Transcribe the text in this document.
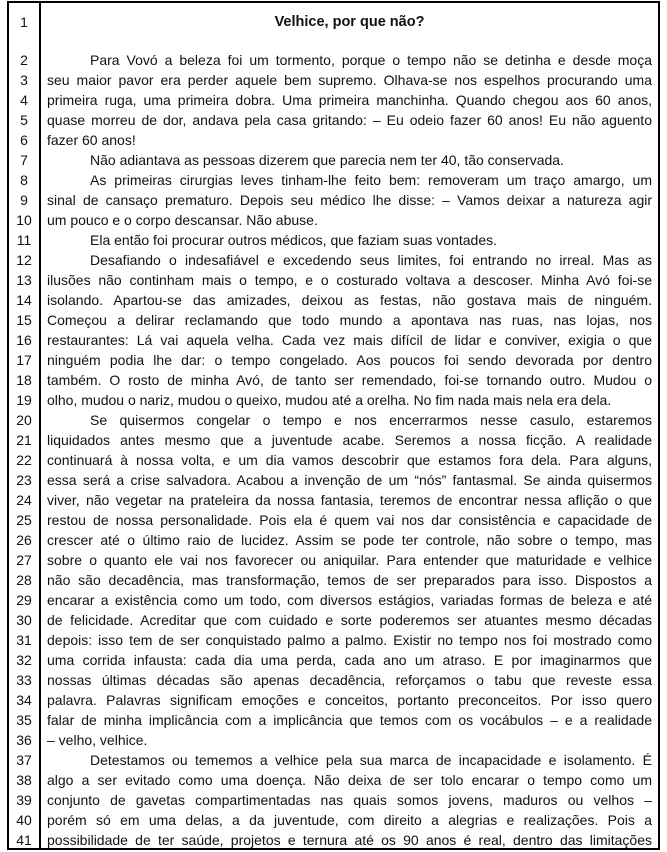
1
2
3
4
5
6
7
8
9
10
11
12
13
14
15
16
17
18
19
20
21
22
23
24
25
26
27
28
29
30
31
32
33
34
35
36
37
38
39
40
41
Velhice, por que não?
Para Vovó a beleza foi um tormento, porque o tempo não se detinha e desde moça
seu maior pavor era perder aquele bem supremo. Olhava-se nos espelhos procurando uma
primeira ruga, uma primeira dobra. Uma primeira manchinha. Quando chegou aos 60 anos,
quase morreu de dor, andava pela casa gritando: – Eu odeio fazer 60 anos! Eu não aguento
fazer 60 anos!
Não adiantava as pessoas dizerem que parecia nem ter 40, tão conservada.
As primeiras cirurgias leves tinham-lhe feito bem: removeram um traço amargo, um
sinal de cansaço prematuro. Depois seu médico lhe disse: – Vamos deixar a natureza agir
um pouco e o corpo descansar. Não abuse.
Ela então foi procurar outros médicos, que faziam suas vontades.
Desafiando o indesafiável e excedendo seus limites, foi entrando no irreal. Mas as
ilusões não continham mais o tempo, e o costurado voltava a descoser. Minha Avó foi-se
isolando. Apartou-se das amizades, deixou as festas, não gostava mais de ninguém.
Começou a delirar reclamando que todo mundo a apontava nas ruas, nas lojas, nos
restaurantes: Lá vai aquela velha. Cada vez mais difícil de lidar e conviver, exigia o que
ninguém podia lhe dar: o tempo congelado. Aos poucos foi sendo devorada por dentro
também. O rosto de minha Avó, de tanto ser remendado, foi-se tornando outro. Mudou o
olho, mudou o nariz, mudou o queixo, mudou até a orelha. No fim nada mais nela era dela.
Se quisermos congelar o tempo e nos encerrarmos nesse casulo, estaremos
liquidados antes mesmo que a juventude acabe. Seremos a nossa ficção. A realidade
continuará à nossa volta, e um dia vamos descobrir que estamos fora dela. Para alguns,
essa será a crise salvadora. Acabou a invenção de um “nós” fantasmal. Se ainda quisermos
viver, não vegetar na prateleira da nossa fantasia, teremos de encontrar nessa aflição o que
restou de nossa personalidade. Pois ela é quem vai nos dar consistência e capacidade de
crescer até o último raio de lucidez. Assim se pode ter controle, não sobre o tempo, mas
sobre o quanto ele vai nos favorecer ou aniquilar. Para entender que maturidade e velhice
não são decadência, mas transformação, temos de ser preparados para isso. Dispostos a
encarar a existência como um todo, com diversos estágios, variadas formas de beleza e até
de felicidade. Acreditar que com cuidado e sorte poderemos ser atuantes mesmo décadas
depois: isso tem de ser conquistado palmo a palmo. Existir no tempo nos foi mostrado como
uma corrida infausta: cada dia uma perda, cada ano um atraso. E por imaginarmos que
nossas últimas décadas são apenas decadência, reforçamos o tabu que reveste essa
palavra. Palavras significam emoções e conceitos, portanto preconceitos. Por isso quero
falar de minha implicância com a implicância que temos com os vocábulos – e a realidade
– velho, velhice.
Detestamos ou tememos a velhice pela sua marca de incapacidade e isolamento. É
algo a ser evitado como uma doença. Não deixa de ser tolo encarar o tempo como um
conjunto de gavetas compartimentadas nas quais somos jovens, maduros ou velhos –
porém só em uma delas, a da juventude, com direito a alegrias e realizações. Pois a
possibilidade de ter saúde, projetos e ternura até os 90 anos é real, dentro das limitações
